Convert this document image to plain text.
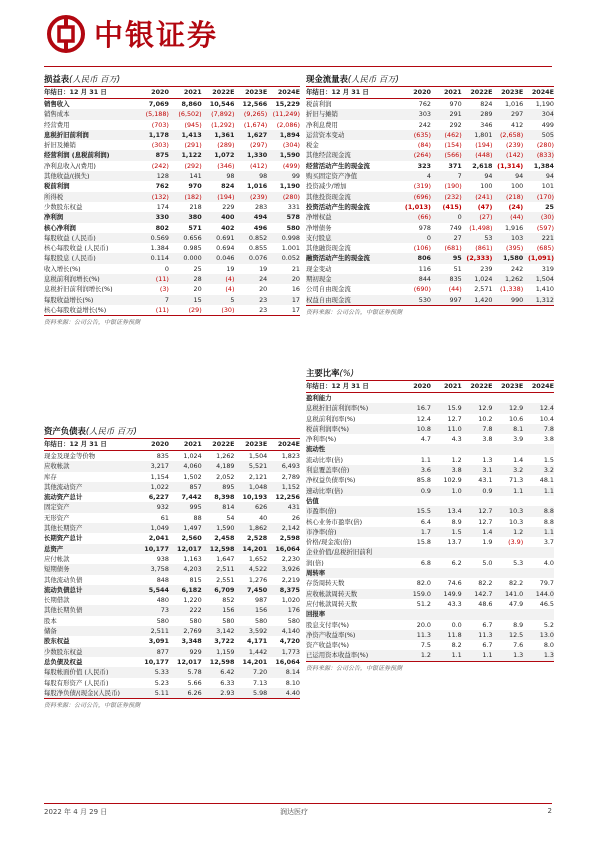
中银证券
损益表(人民币 百万)
年结日：12 月 31 日	2020	2021	2022E	2023E	2024E
销售收入	7,069	8,860	10,546	12,566	15,229
销售成本	(5,188)	(6,502)	(7,892)	(9,265)	(11,249)
经营费用	(703)	(945)	(1,292)	(1,674)	(2,086)
息税折旧前利润	1,178	1,413	1,361	1,627	1,894
折旧及摊销	(303)	(291)	(289)	(297)	(304)
经营利润 (息税前利润)	875	1,122	1,072	1,330	1,590
净利息收入/(费用)	(242)	(292)	(346)	(412)	(499)
其他收益/(损失)	128	141	98	98	99
税前利润	762	970	824	1,016	1,190
所得税	(132)	(182)	(194)	(239)	(280)
少数股东权益	174	218	229	283	331
净利润	330	380	400	494	578
核心净利润	802	571	402	496	580
每股收益 (人民币)	0.569	0.656	0.691	0.852	0.998
核心每股收益 (人民币)	1.384	0.985	0.694	0.855	1.001
每股股息 (人民币)	0.114	0.000	0.046	0.076	0.052
收入增长(%)	0	25	19	19	21
息税前利润增长(%)	(11)	28	(4)	24	20
息税折旧前利润增长(%)	(3)	20	(4)	20	16
每股收益增长(%)	7	15	5	23	17
核心每股收益增长(%)	(11)	(29)	(30)	23	17
资料来源：公司公告，中银证券预测
资产负债表(人民币 百万)
年结日：12 月 31 日	2020	2021	2022E	2023E	2024E
现金及现金等价物	835	1,024	1,262	1,504	1,823
应收帐款	3,217	4,060	4,189	5,521	6,493
库存	1,154	1,502	2,052	2,121	2,789
其他流动资产	1,022	857	895	1,048	1,152
流动资产总计	6,227	7,442	8,398	10,193	12,256
固定资产	932	995	814	626	431
无形资产	61	88	54	40	26
其他长期资产	1,049	1,497	1,590	1,862	2,142
长期资产总计	2,041	2,560	2,458	2,528	2,598
总资产	10,177	12,017	12,598	14,201	16,064
应付帐款	938	1,163	1,647	1,652	2,230
短期债务	3,758	4,203	2,511	4,522	3,926
其他流动负债	848	815	2,551	1,276	2,219
流动负债总计	5,544	6,182	6,709	7,450	8,375
长期借款	480	1,220	852	987	1,020
其他长期负债	73	222	156	156	176
股本	580	580	580	580	580
储备	2,511	2,769	3,142	3,592	4,140
股东权益	3,091	3,348	3,722	4,171	4,720
少数股东权益	877	929	1,159	1,442	1,773
总负债及权益	10,177	12,017	12,598	14,201	16,064
每股帐面价值 (人民币)	5.33	5.78	6.42	7.20	8.14
每股有形资产 (人民币)	5.23	5.66	6.33	7.13	8.10
每股净负债/(现金)(人民币)	5.11	6.26	2.93	5.98	4.40
资料来源：公司公告，中银证券预测
现金流量表(人民币 百万)
年结日：12 月 31 日	2020	2021	2022E	2023E	2024E
税前利润	762	970	824	1,016	1,190
折旧与摊销	303	291	289	297	304
净利息费用	242	292	346	412	499
运营资本变动	(635)	(462)	1,801	(2,658)	505
税金	(84)	(154)	(194)	(239)	(280)
其他经营现金流	(264)	(566)	(448)	(142)	(833)
经营活动产生的现金流	323	371	2,618	(1,314)	1,384
购买固定资产净值	4	7	94	94	94
投资减少/增加	(319)	(190)	100	100	101
其他投资现金流	(696)	(232)	(241)	(218)	(170)
投资活动产生的现金流	(1,013)	(415)	(47)	(24)	25
净增权益	(66)	0	(27)	(44)	(30)
净增债务	978	749	(1,498)	1,916	(597)
支付股息	0	27	53	103	221
其他融资现金流	(106)	(681)	(861)	(395)	(685)
融资活动产生的现金流	806	95	(2,333)	1,580	(1,091)
现金变动	116	51	239	242	319
期初现金	844	835	1,024	1,262	1,504
公司自由现金流	(690)	(44)	2,571	(1,338)	1,410
权益自由现金流	530	997	1,420	990	1,312
资料来源：公司公告，中银证券预测
主要比率(%)
年结日：12 月 31 日	2020	2021	2022E	2023E	2024E
盈利能力					
息税折旧前利润率(%)	16.7	15.9	12.9	12.9	12.4
息税前利润率(%)	12.4	12.7	10.2	10.6	10.4
税前利润率(%)	10.8	11.0	7.8	8.1	7.8
净利率(%)	4.7	4.3	3.8	3.9	3.8
流动性					
流动比率(倍)	1.1	1.2	1.3	1.4	1.5
利息覆盖率(倍)	3.6	3.8	3.1	3.2	3.2
净权益负债率(%)	85.8	102.9	43.1	71.3	48.1
速动比率(倍)	0.9	1.0	0.9	1.1	1.1
估值					
市盈率(倍)	15.5	13.4	12.7	10.3	8.8
核心业务市盈率(倍)	6.4	8.9	12.7	10.3	8.8
市净率(倍)	1.7	1.5	1.4	1.2	1.1
价格/现金流(倍)	15.8	13.7	1.9	(3.9)	3.7
企业价值/息税折旧前利					
润(倍)	6.8	6.2	5.0	5.3	4.0
周转率					
存货周转天数	82.0	74.6	82.2	82.2	79.7
应收帐款周转天数	159.0	149.9	142.7	141.0	144.0
应付帐款周转天数	51.2	43.3	48.6	47.9	46.5
回报率					
股息支付率(%)	20.0	0.0	6.7	8.9	5.2
净资产收益率(%)	11.3	11.8	11.3	12.5	13.0
资产收益率(%)	7.5	8.2	6.7	7.6	8.0
已运用资本收益率(%)	1.2	1.1	1.1	1.3	1.3
资料来源：公司公告，中银证券预测
2022 年 4 月 29 日	润达医疗	2
